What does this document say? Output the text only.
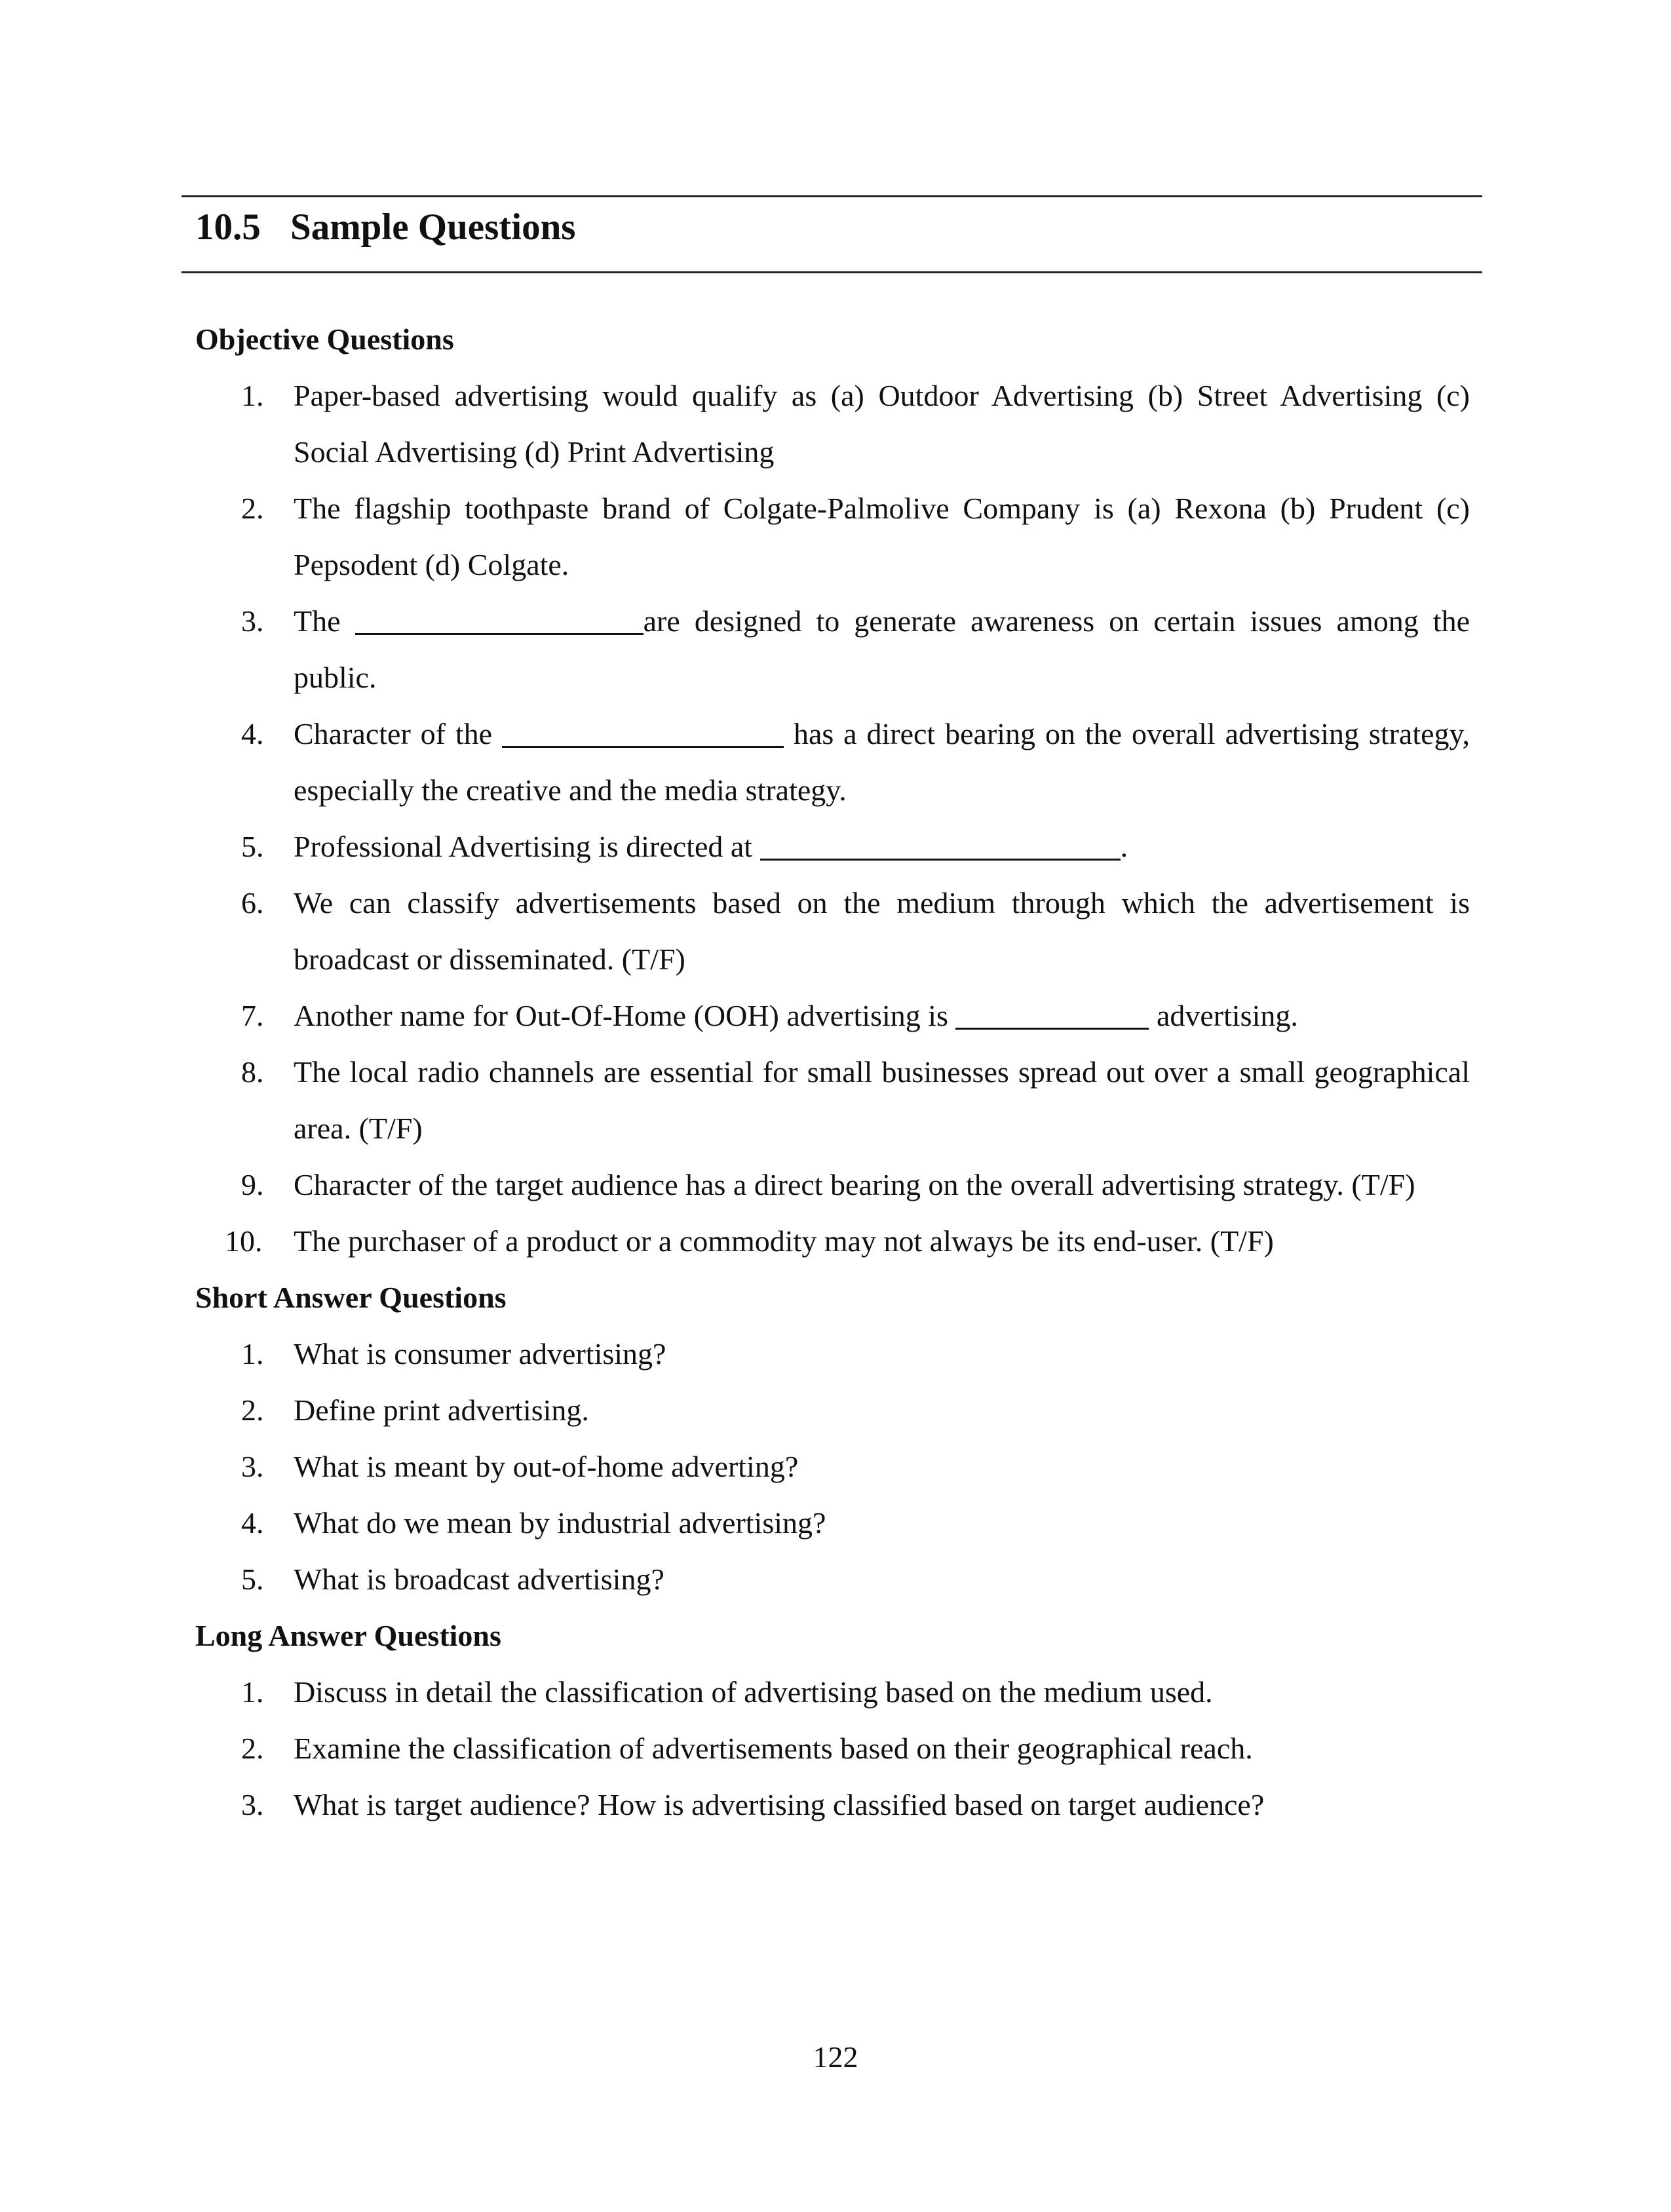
10.5 Sample Questions
Objective Questions
1. Paper-based advertising would qualify as (a) Outdoor Advertising (b) Street Advertising (c) Social Advertising (d) Print Advertising
2. The flagship toothpaste brand of Colgate-Palmolive Company is (a) Rexona (b) Prudent (c) Pepsodent (d) Colgate.
3. The	are designed to generate awareness on certain issues among the public.
4. Character of the	has a direct bearing on the overall advertising strategy, especially the creative and the media strategy.
5. Professional Advertising is directed at	.
6. We can classify advertisements based on the medium through which the advertisement is broadcast or disseminated. (T/F)
7. Another name for Out-Of-Home (OOH) advertising is	advertising.
8. The local radio channels are essential for small businesses spread out over a small geographical area. (T/F)
9. Character of the target audience has a direct bearing on the overall advertising strategy. (T/F)
10.	The purchaser of a product or a commodity may not always be its end-user. (T/F)
Short Answer Questions
1. What is consumer advertising?
2. Define print advertising.
3. What is meant by out-of-home adverting?
4. What do we mean by industrial advertising?
5. What is broadcast advertising?
Long Answer Questions
1. Discuss in detail the classification of advertising based on the medium used.
2. Examine the classification of advertisements based on their geographical reach.
3. What is target audience? How is advertising classified based on target audience?
122
